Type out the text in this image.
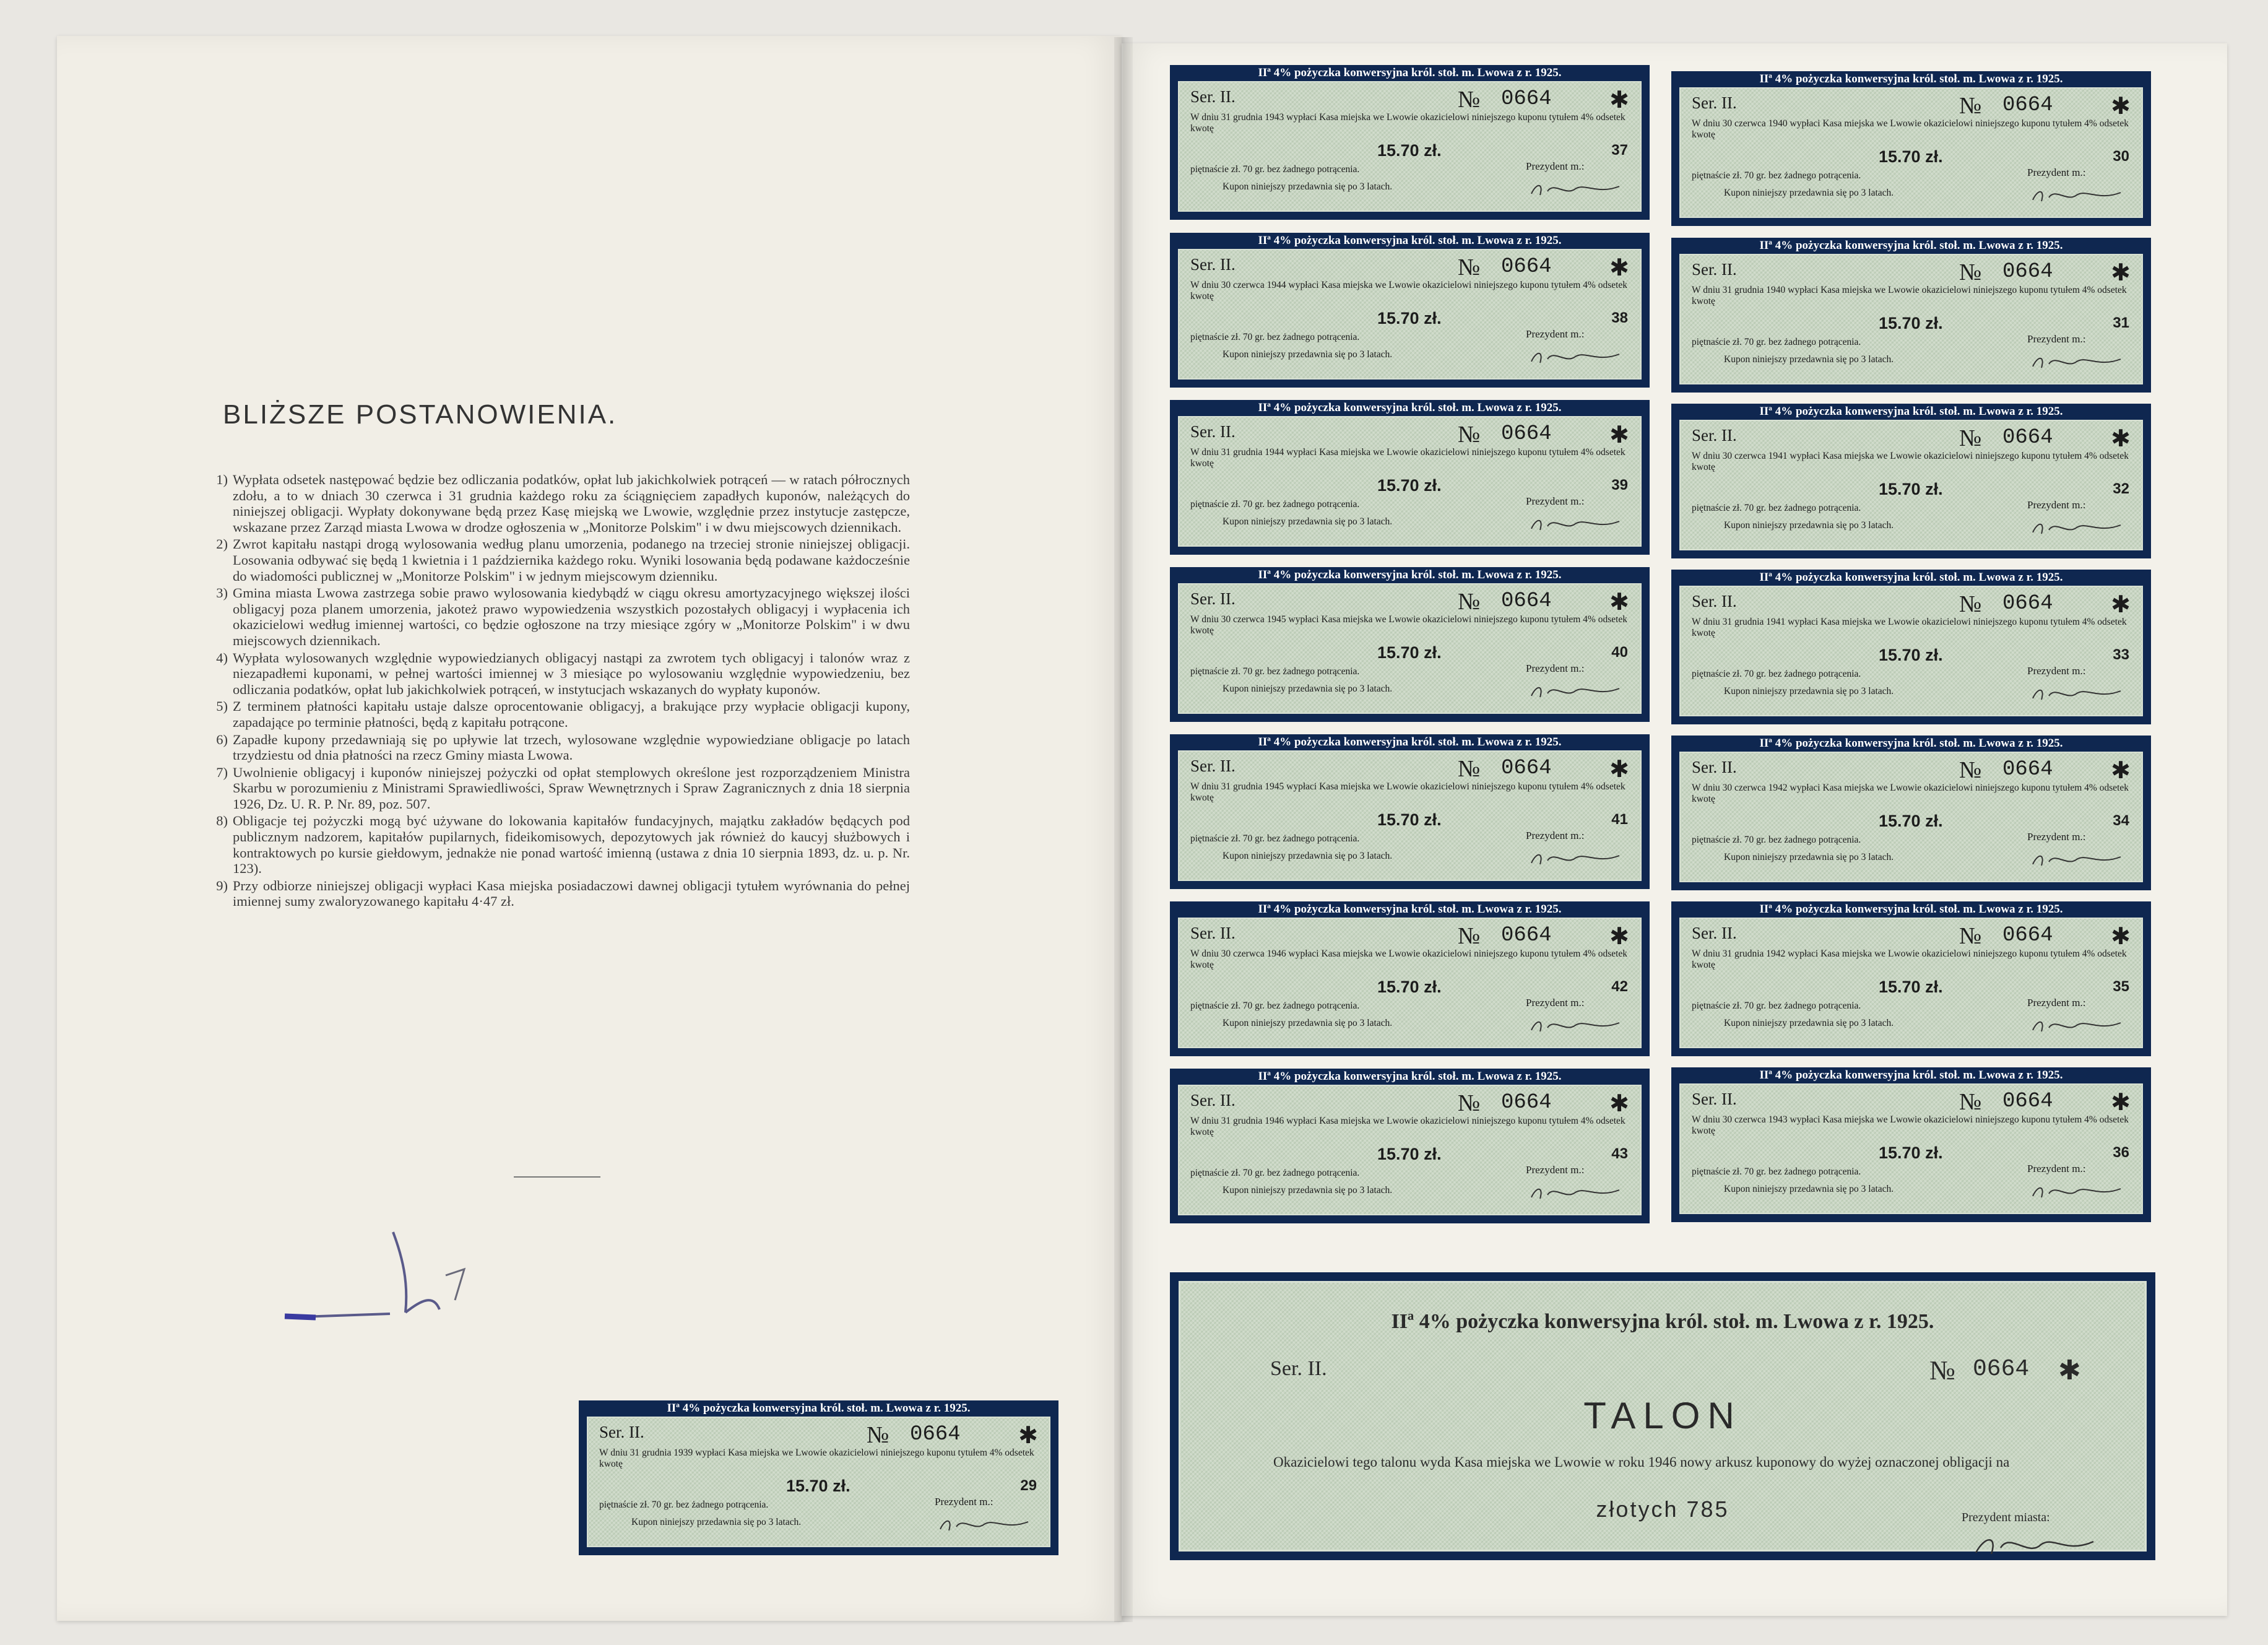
BLIŻSZE POSTANOWIENIA.
1) Wypłata odsetek następować będzie bez odliczania podatków, opłat lub jakichkolwiek potrąceń — w ratach półrocznych zdołu, a to w dniach 30 czerwca i 31 grudnia każdego roku za ściągnięciem zapadłych kuponów, należących do niniejszej obligacji. Wypłaty dokonywane będą przez Kasę miejską we Lwowie, względnie przez instytucje zastępcze, wskazane przez Zarząd miasta Lwowa w drodze ogłoszenia w „Monitorze Polskim" i w dwu miejscowych dziennikach.
2) Zwrot kapitału nastąpi drogą wylosowania według planu umorzenia, podanego na trzeciej stronie niniejszej obligacji. Losowania odbywać się będą 1 kwietnia i 1 października każdego roku. Wyniki losowania będą podawane każdocześnie do wiadomości publicznej w „Monitorze Polskim" i w jednym miejscowym dzienniku.
3) Gmina miasta Lwowa zastrzega sobie prawo wylosowania kiedybądź w ciągu okresu amortyzacyjnego większej ilości obligacyj poza planem umorzenia, jakoteż prawo wypowiedzenia wszystkich pozostałych obligacyj i wypłacenia ich okazicielowi według imiennej wartości, co będzie ogłoszone na trzy miesiące zgóry w „Monitorze Polskim" i w dwu miejscowych dziennikach.
4) Wypłata wylosowanych względnie wypowiedzianych obligacyj nastąpi za zwrotem tych obligacyj i talonów wraz z niezapadłemi kuponami, w pełnej wartości imiennej w 3 miesiące po wylosowaniu względnie wypowiedzeniu, bez odliczania podatków, opłat lub jakichkolwiek potrąceń, w instytucjach wskazanych do wypłaty kuponów.
5) Z terminem płatności kapitału ustaje dalsze oprocentowanie obligacyj, a brakujące przy wypłacie obligacji kupony, zapadające po terminie płatności, będą z kapitału potrącone.
6) Zapadłe kupony przedawniają się po upływie lat trzech, wylosowane względnie wypowiedziane obligacje po latach trzydziestu od dnia płatności na rzecz Gminy miasta Lwowa.
7) Uwolnienie obligacyj i kuponów niniejszej pożyczki od opłat stemplowych określone jest rozporządzeniem Ministra Skarbu w porozumieniu z Ministrami Sprawiedliwości, Spraw Wewnętrznych i Spraw Zagranicznych z dnia 18 sierpnia 1926, Dz. U. R. P. Nr. 89, poz. 507.
8) Obligacje tej pożyczki mogą być używane do lokowania kapitałów fundacyjnych, majątku zakładów będących pod publicznym nadzorem, kapitałów pupilarnych, fideikomisowych, depozytowych jak również do kaucyj służbowych i kontraktowych po kursie giełdowym, jednakże nie ponad wartość imienną (ustawa z dnia 10 sierpnia 1893, dz. u. p. Nr. 123).
9) Przy odbiorze niniejszej obligacji wypłaci Kasa miejska posiadaczowi dawnej obligacji tytułem wyrównania do pełnej imiennej sumy zwaloryzowanego kapitału 4·47 zł.
IIª 4% pożyczka konwersyjna król. stoł. m. Lwowa z r. 1925.
Ser. II.	№ 0664 ✱
W dniu 31 grudnia 1939 wypłaci Kasa miejska we Lwowie okazicielowi niniejszego kuponu tytułem 4% odsetek kwotę
15.70 zł.	29
piętnaście zł. 70 gr. bez żadnego potrącenia.	Prezydent m.:
Kupon niniejszy przedawnia się po 3 latach.
IIª 4% pożyczka konwersyjna król. stoł. m. Lwowa z r. 1925.
Ser. II.	№ 0664 ✱
W dniu 30 czerwca 1940 wypłaci Kasa miejska we Lwowie okazicielowi niniejszego kuponu tytułem 4% odsetek kwotę
15.70 zł.	30
piętnaście zł. 70 gr. bez żadnego potrącenia.	Prezydent m.:
Kupon niniejszy przedawnia się po 3 latach.
IIª 4% pożyczka konwersyjna król. stoł. m. Lwowa z r. 1925.
Ser. II.	№ 0664 ✱
W dniu 31 grudnia 1940 wypłaci Kasa miejska we Lwowie okazicielowi niniejszego kuponu tytułem 4% odsetek kwotę
15.70 zł.	31
piętnaście zł. 70 gr. bez żadnego potrącenia.	Prezydent m.:
Kupon niniejszy przedawnia się po 3 latach.
IIª 4% pożyczka konwersyjna król. stoł. m. Lwowa z r. 1925.
Ser. II.	№ 0664 ✱
W dniu 30 czerwca 1941 wypłaci Kasa miejska we Lwowie okazicielowi niniejszego kuponu tytułem 4% odsetek kwotę
15.70 zł.	32
piętnaście zł. 70 gr. bez żadnego potrącenia.	Prezydent m.:
Kupon niniejszy przedawnia się po 3 latach.
IIª 4% pożyczka konwersyjna król. stoł. m. Lwowa z r. 1925.
Ser. II.	№ 0664 ✱
W dniu 31 grudnia 1941 wypłaci Kasa miejska we Lwowie okazicielowi niniejszego kuponu tytułem 4% odsetek kwotę
15.70 zł.	33
piętnaście zł. 70 gr. bez żadnego potrącenia.	Prezydent m.:
Kupon niniejszy przedawnia się po 3 latach.
IIª 4% pożyczka konwersyjna król. stoł. m. Lwowa z r. 1925.
Ser. II.	№ 0664 ✱
W dniu 30 czerwca 1942 wypłaci Kasa miejska we Lwowie okazicielowi niniejszego kuponu tytułem 4% odsetek kwotę
15.70 zł.	34
piętnaście zł. 70 gr. bez żadnego potrącenia.	Prezydent m.:
Kupon niniejszy przedawnia się po 3 latach.
IIª 4% pożyczka konwersyjna król. stoł. m. Lwowa z r. 1925.
Ser. II.	№ 0664 ✱
W dniu 31 grudnia 1942 wypłaci Kasa miejska we Lwowie okazicielowi niniejszego kuponu tytułem 4% odsetek kwotę
15.70 zł.	35
piętnaście zł. 70 gr. bez żadnego potrącenia.	Prezydent m.:
Kupon niniejszy przedawnia się po 3 latach.
IIª 4% pożyczka konwersyjna król. stoł. m. Lwowa z r. 1925.
Ser. II.	№ 0664 ✱
W dniu 30 czerwca 1943 wypłaci Kasa miejska we Lwowie okazicielowi niniejszego kuponu tytułem 4% odsetek kwotę
15.70 zł.	36
piętnaście zł. 70 gr. bez żadnego potrącenia.	Prezydent m.:
Kupon niniejszy przedawnia się po 3 latach.
IIª 4% pożyczka konwersyjna król. stoł. m. Lwowa z r. 1925.
Ser. II.	№ 0664 ✱
W dniu 31 grudnia 1943 wypłaci Kasa miejska we Lwowie okazicielowi niniejszego kuponu tytułem 4% odsetek kwotę
15.70 zł.	37
piętnaście zł. 70 gr. bez żadnego potrącenia.	Prezydent m.:
Kupon niniejszy przedawnia się po 3 latach.
IIª 4% pożyczka konwersyjna król. stoł. m. Lwowa z r. 1925.
Ser. II.	№ 0664 ✱
W dniu 30 czerwca 1944 wypłaci Kasa miejska we Lwowie okazicielowi niniejszego kuponu tytułem 4% odsetek kwotę
15.70 zł.	38
piętnaście zł. 70 gr. bez żadnego potrącenia.	Prezydent m.:
Kupon niniejszy przedawnia się po 3 latach.
IIª 4% pożyczka konwersyjna król. stoł. m. Lwowa z r. 1925.
Ser. II.	№ 0664 ✱
W dniu 31 grudnia 1944 wypłaci Kasa miejska we Lwowie okazicielowi niniejszego kuponu tytułem 4% odsetek kwotę
15.70 zł.	39
piętnaście zł. 70 gr. bez żadnego potrącenia.	Prezydent m.:
Kupon niniejszy przedawnia się po 3 latach.
IIª 4% pożyczka konwersyjna król. stoł. m. Lwowa z r. 1925.
Ser. II.	№ 0664 ✱
W dniu 30 czerwca 1945 wypłaci Kasa miejska we Lwowie okazicielowi niniejszego kuponu tytułem 4% odsetek kwotę
15.70 zł.	40
piętnaście zł. 70 gr. bez żadnego potrącenia.	Prezydent m.:
Kupon niniejszy przedawnia się po 3 latach.
IIª 4% pożyczka konwersyjna król. stoł. m. Lwowa z r. 1925.
Ser. II.	№ 0664 ✱
W dniu 31 grudnia 1945 wypłaci Kasa miejska we Lwowie okazicielowi niniejszego kuponu tytułem 4% odsetek kwotę
15.70 zł.	41
piętnaście zł. 70 gr. bez żadnego potrącenia.	Prezydent m.:
Kupon niniejszy przedawnia się po 3 latach.
IIª 4% pożyczka konwersyjna król. stoł. m. Lwowa z r. 1925.
Ser. II.	№ 0664 ✱
W dniu 30 czerwca 1946 wypłaci Kasa miejska we Lwowie okazicielowi niniejszego kuponu tytułem 4% odsetek kwotę
15.70 zł.	42
piętnaście zł. 70 gr. bez żadnego potrącenia.	Prezydent m.:
Kupon niniejszy przedawnia się po 3 latach.
IIª 4% pożyczka konwersyjna król. stoł. m. Lwowa z r. 1925.
Ser. II.	№ 0664 ✱
W dniu 31 grudnia 1946 wypłaci Kasa miejska we Lwowie okazicielowi niniejszego kuponu tytułem 4% odsetek kwotę
15.70 zł.	43
piętnaście zł. 70 gr. bez żadnego potrącenia.	Prezydent m.:
Kupon niniejszy przedawnia się po 3 latach.
IIª 4% pożyczka konwersyjna król. stoł. m. Lwowa z r. 1925.
Ser. II.	№ 0664 ✱
TALON
Okazicielowi tego talonu wyda Kasa miejska we Lwowie w roku 1946 nowy arkusz kuponowy do wyżej oznaczonej obligacji na
złotych 785	Prezydent miasta:
